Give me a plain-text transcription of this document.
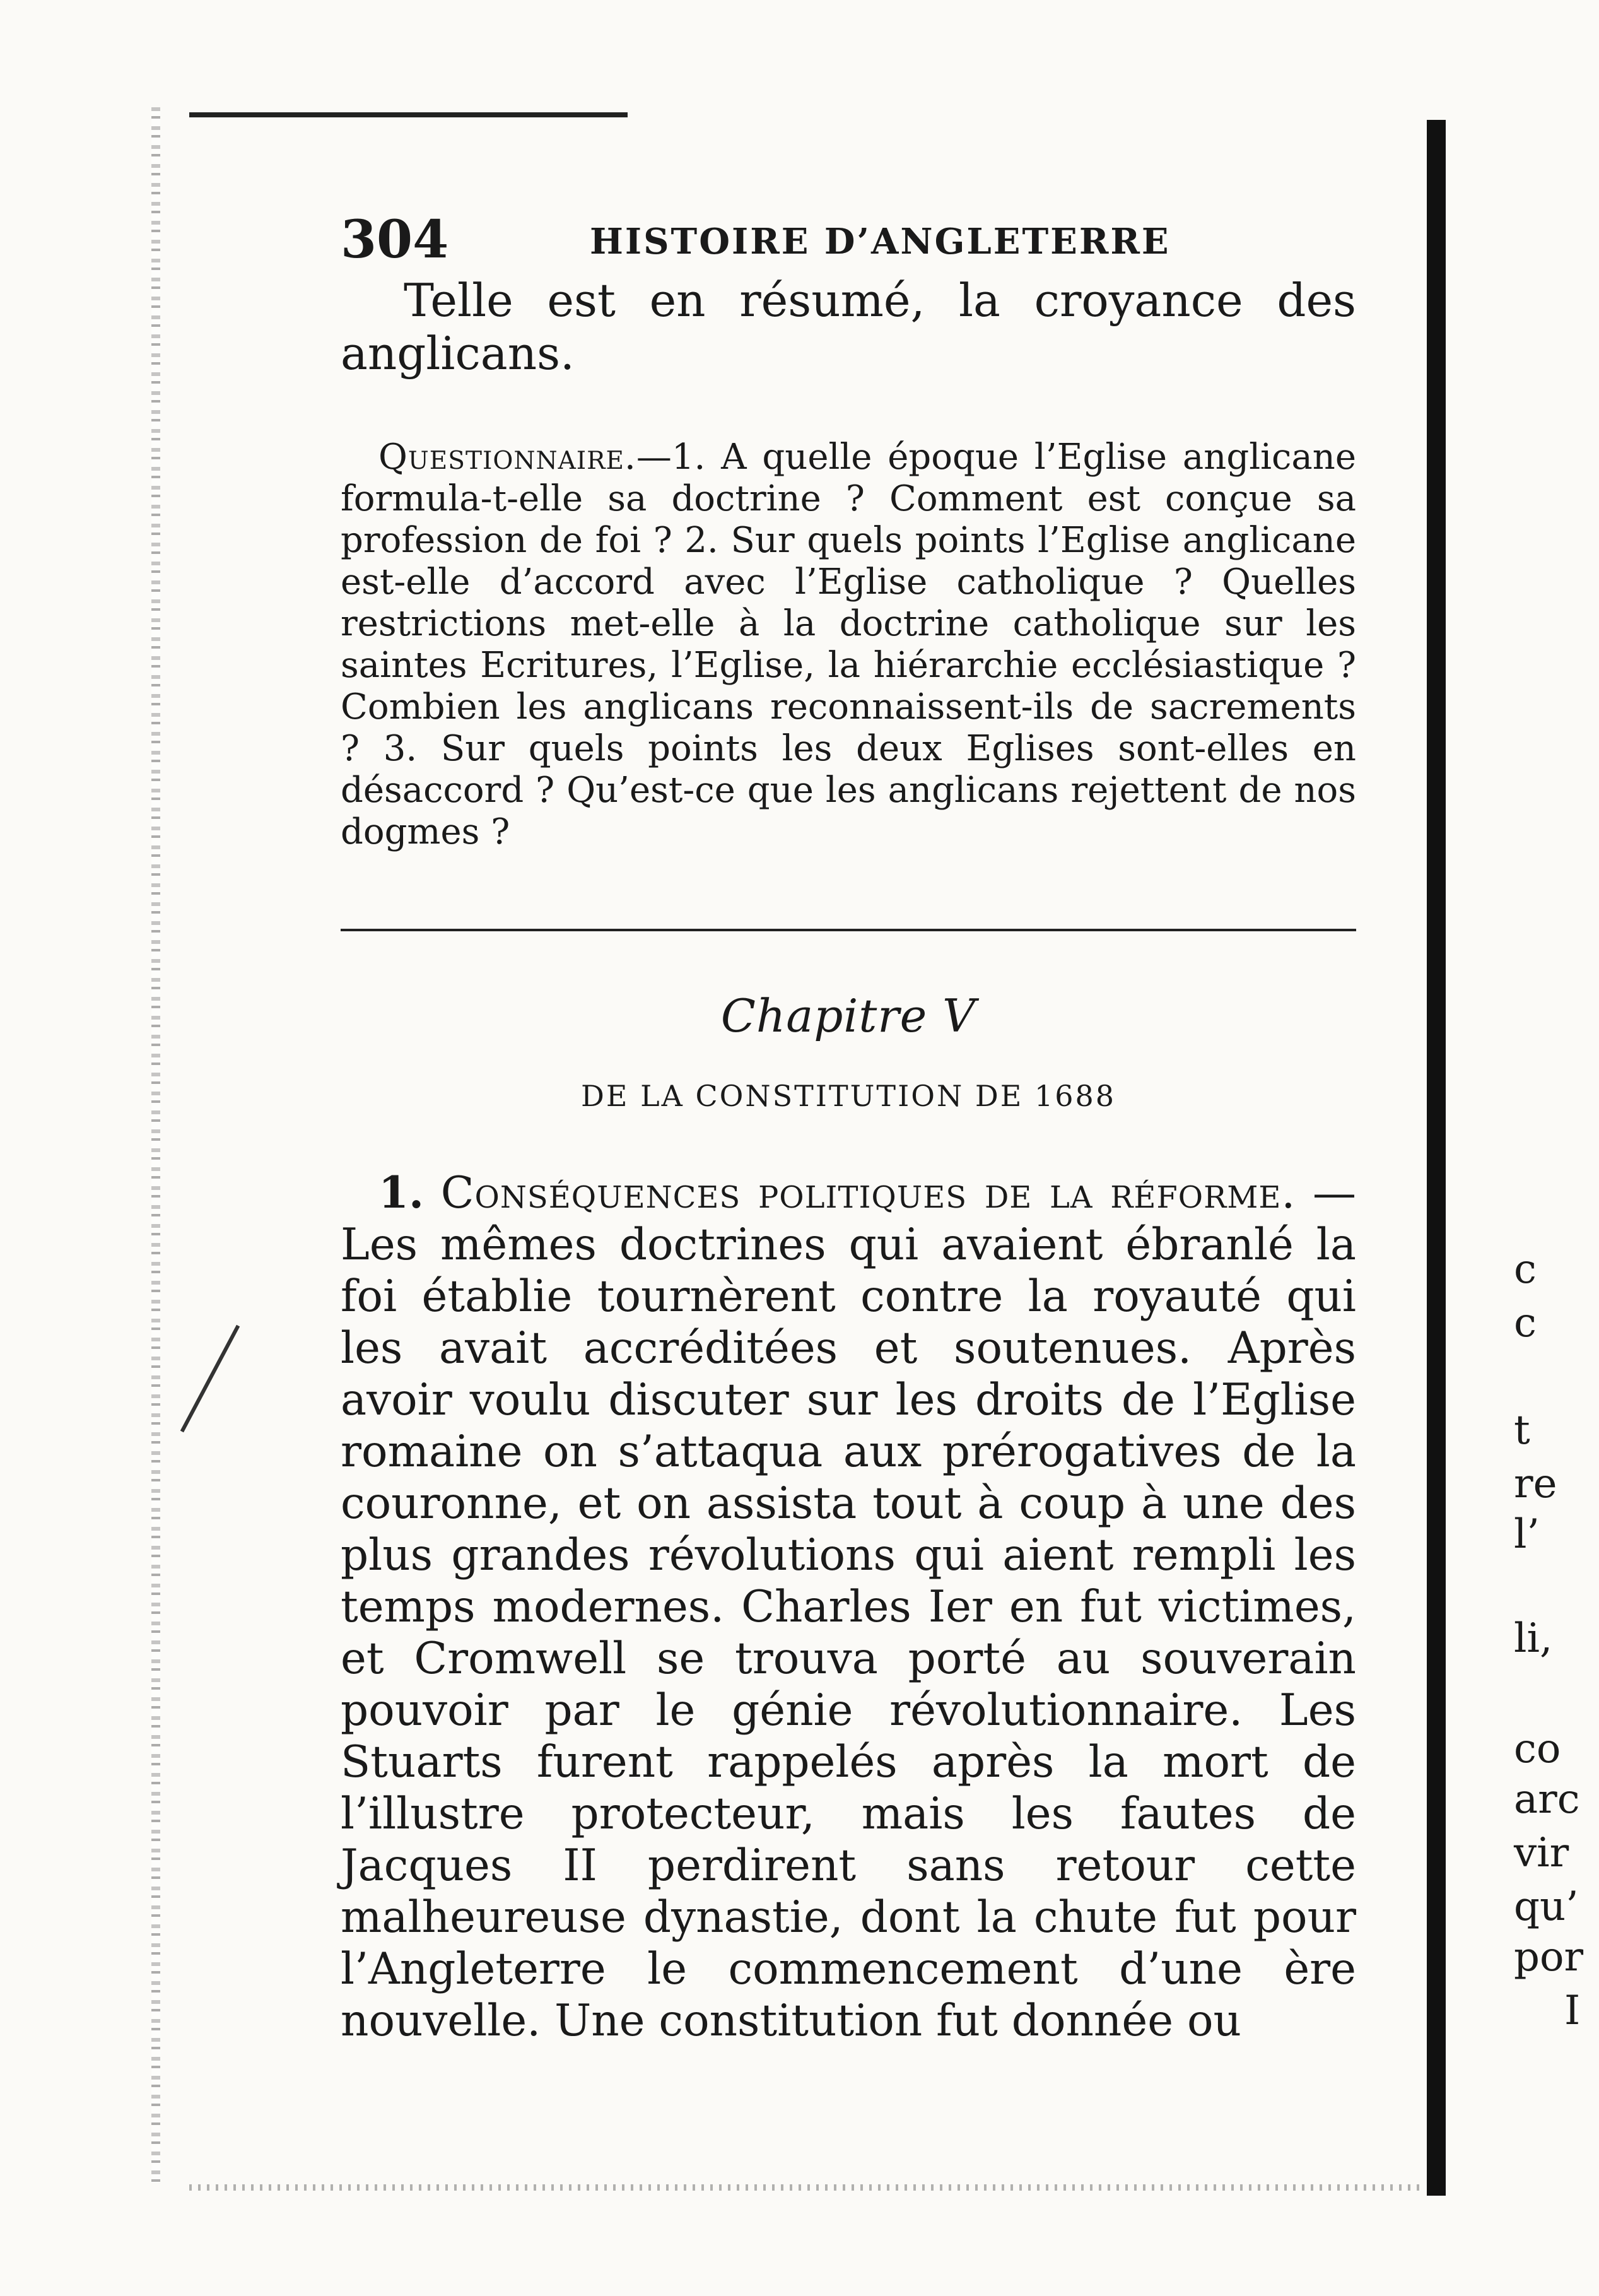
304	HISTOIRE D’ANGLETERRE

Telle est en résumé, la croyance des anglicans.

Questionnaire.—1. A quelle époque l’Eglise anglicane formula-t-elle sa doctrine ? Comment est conçue sa profession de foi ? 2. Sur quels points l’Eglise anglicane est-elle d’accord avec l’Eglise catholique ? Quelles restrictions met-elle à la doctrine catholique sur les saintes Ecritures, l’Eglise, la hiérarchie ecclésiastique ? Combien les anglicans reconnaissent-ils de sacrements ? 3. Sur quels points les deux Eglises sont-elles en désaccord ? Qu’est-ce que les anglicans rejettent de nos dogmes ?

Chapitre V
DE LA CONSTITUTION DE 1688

1. Conséquences politiques de la réforme. — Les mêmes doctrines qui avaient ébranlé la foi établie tournèrent contre la royauté qui les avait accréditées et soutenues. Après avoir voulu discuter sur les droits de l’Eglise romaine on s’attaqua aux prérogatives de la couronne, et on assista tout à coup à une des plus grandes révolutions qui aient rempli les temps modernes. Charles Ier en fut victimes, et Cromwell se trouva porté au souverain pouvoir par le génie révolutionnaire. Les Stuarts furent rappelés après la mort de l’illustre protecteur, mais les fautes de Jacques II perdirent sans retour cette malheureuse dynastie, dont la chute fut pour l’Angleterre le commencement d’une ère nouvelle. Une constitution fut donnée ou

c
c
t
re
l’
li,
co
arc
vir
qu’
por
I
